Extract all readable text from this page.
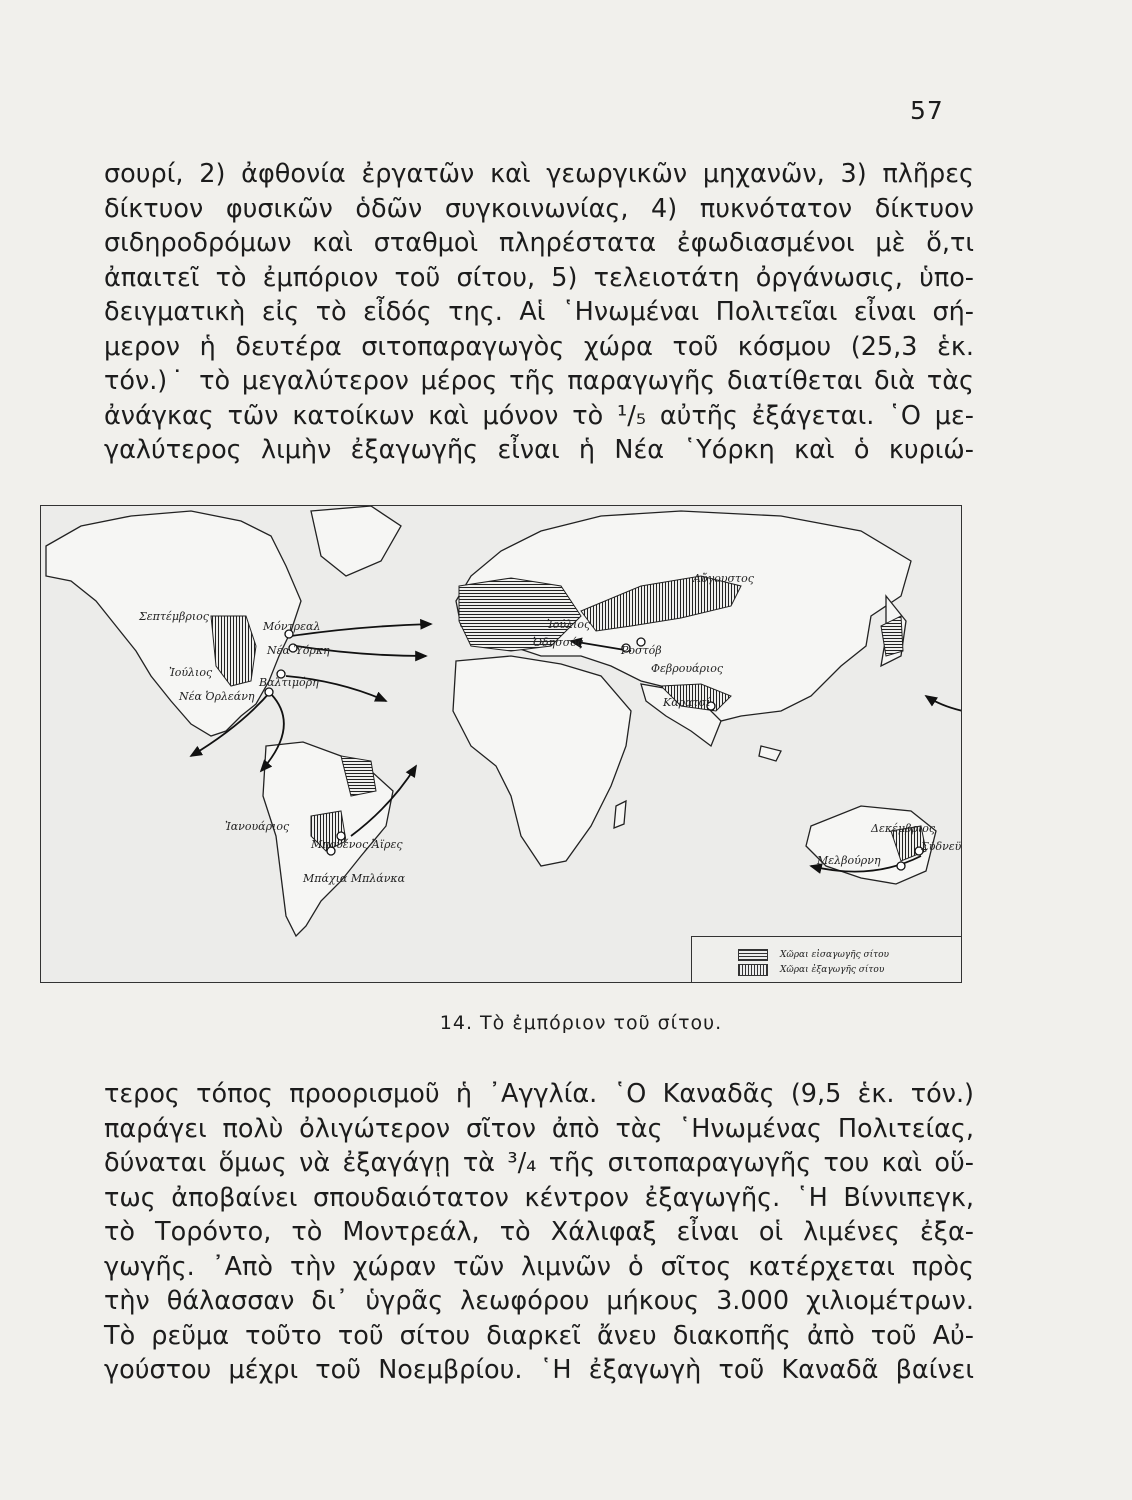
57
σουρί, 2) ἀφθονία ἐργατῶν καὶ γεωργικῶν μηχανῶν, 3) πλῆρες
δίκτυον φυσικῶν ὁδῶν συγκοινωνίας, 4) πυκνότατον δίκτυον
σιδηροδρόμων καὶ σταθμοὶ πληρέστατα ἐφωδιασμένοι μὲ ὅ,τι
ἀπαιτεῖ τὸ ἐμπόριον τοῦ σίτου, 5) τελειοτάτη ὀργάνωσις, ὑπο-
δειγματικὴ εἰς τὸ εἶδός της. Αἱ ῾Ηνωμέναι Πολιτεῖαι εἶναι σή-
μερον ἡ δευτέρα σιτοπαραγωγὸς χώρα τοῦ κόσμου (25,3 ἑκ.
τόν.)˙ τὸ μεγαλύτερον μέρος τῆς παραγωγῆς διατίθεται διὰ τὰς
ἀνάγκας τῶν κατοίκων καὶ μόνον τὸ ¹/₅ αὐτῆς ἐξάγεται. ῾Ο με-
γαλύτερος λιμὴν ἐξαγωγῆς εἶναι ἡ Νέα ῾Υόρκη καὶ ὁ κυριώ-
Σεπτέμβριος
Ἰούλιος
Μόντρεαλ
Νέα Ὑόρκη
Βαλτιμόρη
Νέα Ὀρλεάνη
Αὔγουστος
Ἰούλιος
Ὀδησσός
Ροστόβ
Φεβρουάριος
Καρατσί
Ἰανουάριος
Μπουένος Ἄϊρες
Μπάχια Μπλάνκα
Δεκέμβριος
Μελβούρνη
Σύδνεϋ
Χῶραι εἰσαγωγῆς σίτου
Χῶραι ἐξαγωγῆς σίτου
14. Τὸ ἐμπόριον τοῦ σίτου.
τερος τόπος προορισμοῦ ἡ ᾿Αγγλία. ῾Ο Καναδᾶς (9,5 ἑκ. τόν.)
παράγει πολὺ ὀλιγώτερον σῖτον ἀπὸ τὰς ῾Ηνωμένας Πολιτείας,
δύναται ὅμως νὰ ἐξαγάγῃ τὰ ³/₄ τῆς σιτοπαραγωγῆς του καὶ οὕ-
τως ἀποβαίνει σπουδαιότατον κέντρον ἐξαγωγῆς. ῾Η Βίννιπεγκ,
τὸ Τορόντο, τὸ Μοντρεάλ, τὸ Χάλιφαξ εἶναι οἱ λιμένες ἐξα-
γωγῆς. ᾿Απὸ τὴν χώραν τῶν λιμνῶν ὁ σῖτος κατέρχεται πρὸς
τὴν θάλασσαν δι᾿ ὑγρᾶς λεωφόρου μήκους 3.000 χιλιομέτρων.
Τὸ ρεῦμα τοῦτο τοῦ σίτου διαρκεῖ ἄνευ διακοπῆς ἀπὸ τοῦ Αὐ-
γούστου μέχρι τοῦ Νοεμβρίου. ῾Η ἐξαγωγὴ τοῦ Καναδᾶ βαίνει
